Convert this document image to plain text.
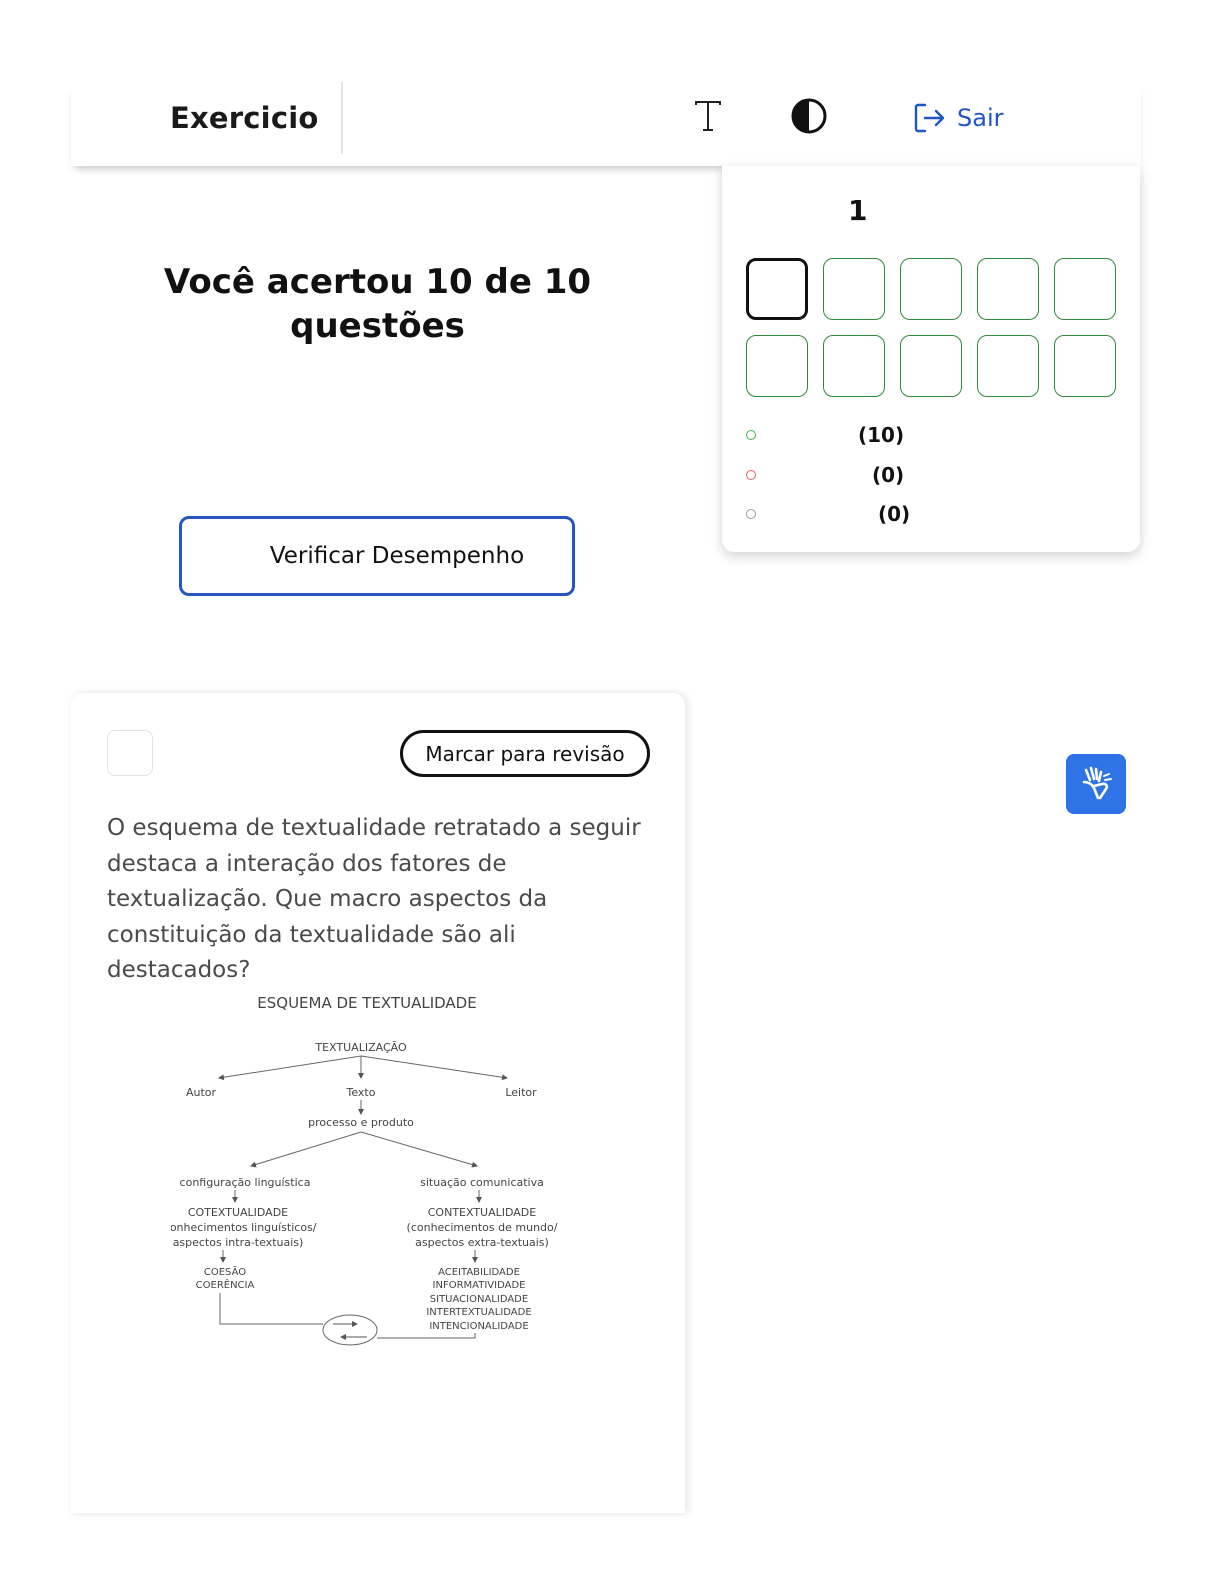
Exercicio	Sair
Você acertou 10 de 10 questões
Verificar Desempenho
1
(10)
(0)
(0)
Marcar para revisão
O esquema de textualidade retratado a seguir destaca a interação dos fatores de textualização. Que macro aspectos da constituição da textualidade são ali destacados?
ESQUEMA DE TEXTUALIDADE
TEXTUALIZAÇÃO
Autor	Texto	Leitor
processo e produto
configuração linguística	situação comunicativa
COTEXTUALIDADE
(conhecimentos linguísticos/
aspectos intra-textuais)
CONTEXTUALIDADE
(conhecimentos de mundo/
aspectos extra-textuais)
COESÃO
COERÊNCIA
ACEITABILIDADE
INFORMATIVIDADE
SITUACIONALIDADE
INTERTEXTUALIDADE
INTENCIONALIDADE
